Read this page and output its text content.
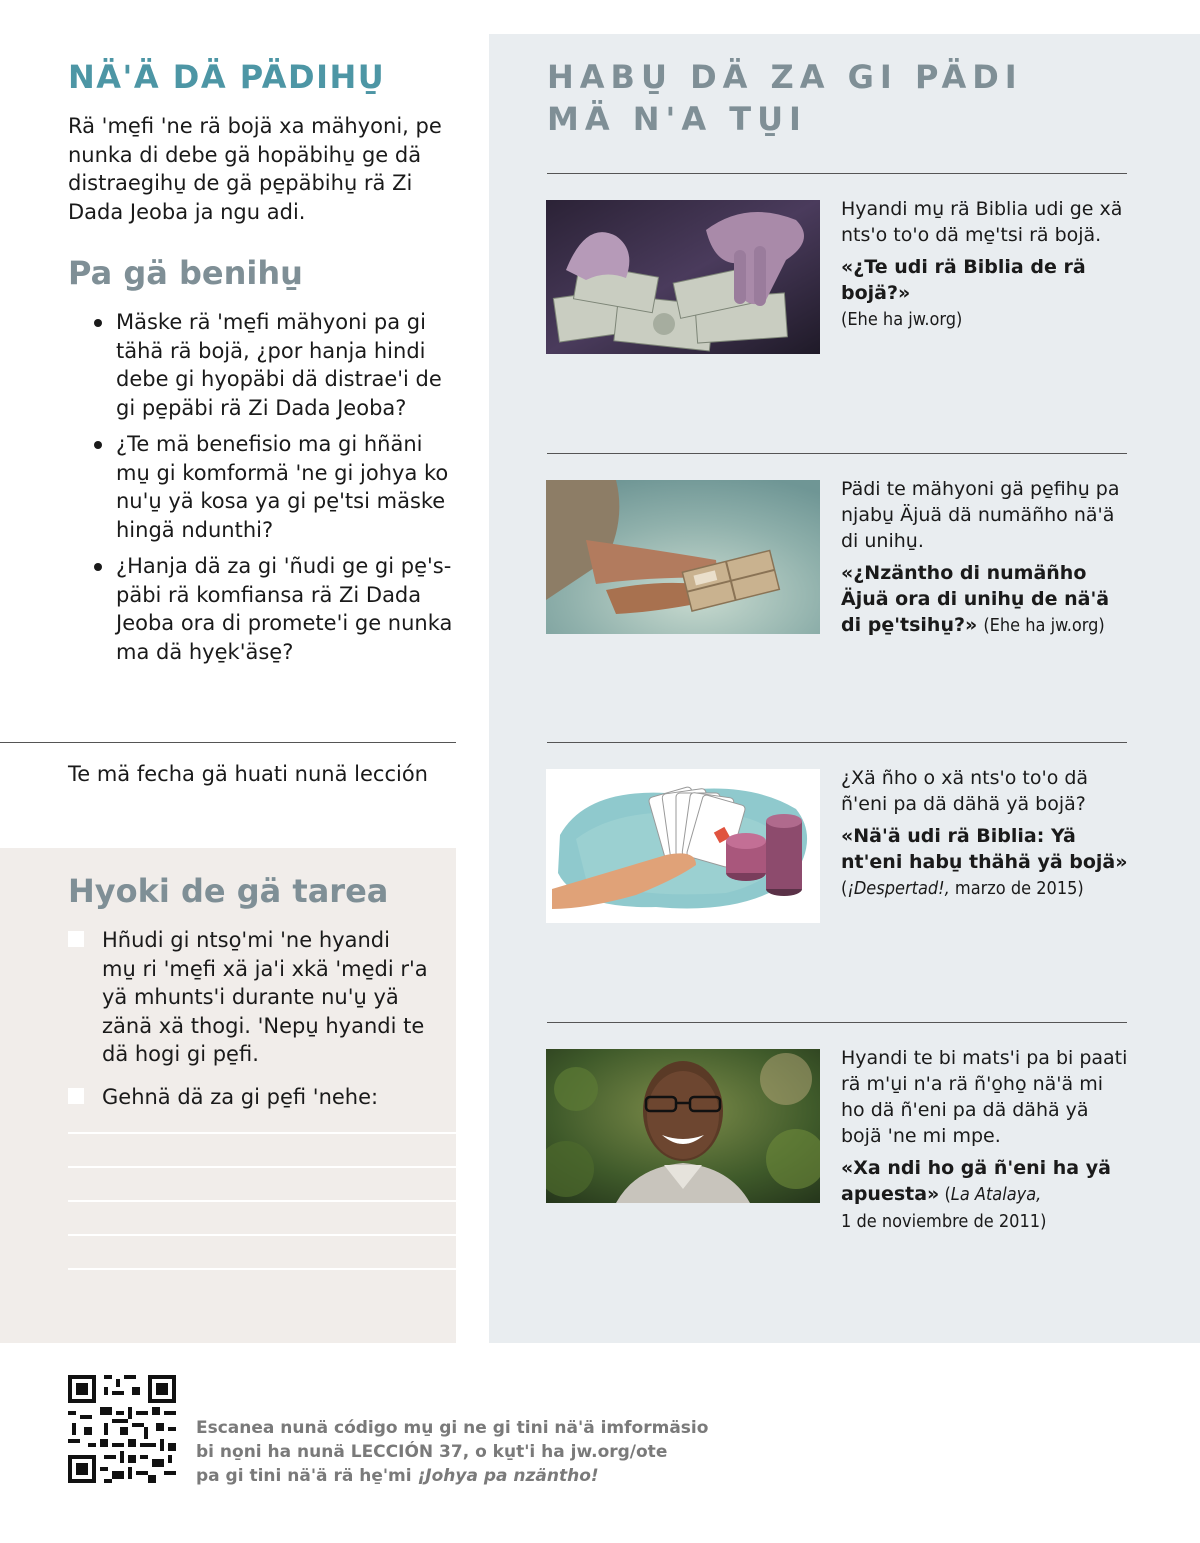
NÄ'Ä DÄ PÄDIHU̱

Rä 'mе̱fi 'ne rä bojä xa mähyoni, pe nunka di debe gä hopäbihu̱ ge dä distraegihu̱ de gä pe̱päbihu̱ rä Zi Dada Jeoba ja ngu adi.

Pa gä benihu̱
Mäske rä 'mе̱fi mähyoni pa gi tähä rä bojä, ¿por hanja hindi debe gi hyopäbi dä distrae'i de gi pe̱päbi rä Zi Dada Jeoba?
¿Te mä benefisio ma gi hñäni mu̱ gi komformä 'ne gi johya ko nu'u̱ yä kosa ya gi pe̱'tsi mäske hingä ndunthi?
¿Hanja dä za gi 'ñudi ge gi pe̱'späbi rä komfiansa rä Zi Dada Jeoba ora di promete'i ge nunka ma dä hye̱k'äse̱?
Te mä fecha gä huati nunä lección
Hyoki de gä tarea
Hñudi gi ntso̱'mi 'ne hyandi mu̱ ri 'mе̱fi xä ja'i xkä 'mе̱di r'a yä mhunts'i durante nu'u̱ yä zänä xä thogi. 'Nepu̱ hyandi te dä hogi gi pe̱fi.
Gehnä dä za gi pe̱fi 'nehe:
HABU̱ DÄ ZA GI PÄDI
MÄ N'A TU̱I
Hyandi mu̱ rä Biblia udi ge xä nts'o to'o dä me̱'tsi rä bojä.
«¿Te udi rä Biblia de rä bojä?»
(Ehe ha jw.org)
Pädi te mähyoni gä pe̱fihu̱ pa njabu̱ Äjuä dä numäñho nä'ä di unihu̱.
«¿Nzäntho di numäñho Äjuä ora di unihu̱ de nä'ä di pe̱'tsihu̱?» (Ehe ha jw.org)
¿Xä ñho o xä nts'o to'o dä ñ'eni pa dä dähä yä bojä?
«Nä'ä udi rä Biblia: Yä nt'eni habu̱ thähä yä bojä»
(¡Despertad!, marzo de 2015)
Hyandi te bi mats'i pa bi paati rä m'u̱i n'a rä ñ'o̱ho̱ nä'ä mi ho dä ñ'eni pa dä dähä yä bojä 'ne mi mpe.
«Xa ndi ho gä ñ'eni ha yä apuesta» (La Atalaya,
1 de noviembre de 2011)
Escanea nunä código mu̱ gi ne gi tini nä'ä imformäsio
bi no̱ni ha nunä LECCIÓN 37, o ku̱t'i ha jw.org/ote
pa gi tini nä'ä rä he̱'mi ¡Johya pa nzäntho!
